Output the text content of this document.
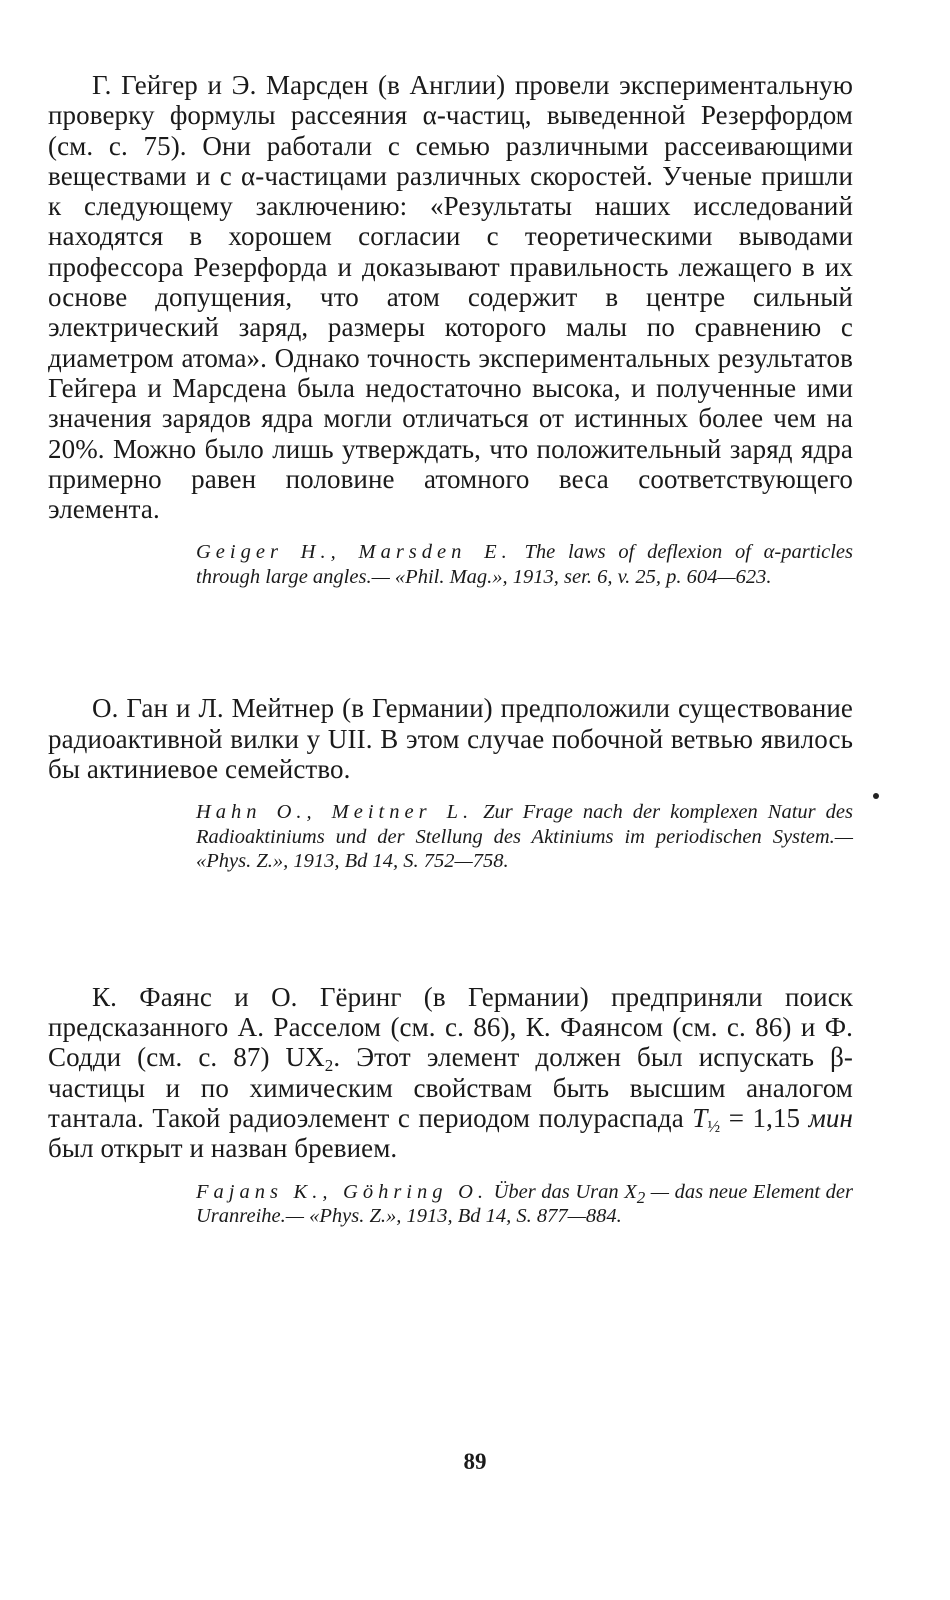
Г. Гейгер и Э. Марсден (в Англии) провели экспериментальную проверку формулы рассеяния α-частиц, выведенной Резерфордом (см. с. 75). Они работали с семью различными рассеивающими веществами и с α-частицами различных скоростей. Ученые пришли к следующему заключению: «Результаты наших исследований находятся в хорошем согласии с теоретическими выводами профессора Резерфорда и доказывают правильность лежащего в их основе допущения, что атом содержит в центре сильный электрический заряд, размеры которого малы по сравнению с диаметром атома». Однако точность экспериментальных результатов Гейгера и Марсдена была недостаточно высока, и полученные ими значения зарядов ядра могли отличаться от истинных более чем на 20%. Можно было лишь утверждать, что положительный заряд ядра примерно равен половине атомного веса соответствующего элемента.

Geiger H., Marsden E. The laws of deflexion of α-particles through large angles.— «Phil. Mag.», 1913, ser. 6, v. 25, p. 604—623.

О. Ган и Л. Мейтнер (в Германии) предположили существование радиоактивной вилки у UII. В этом случае побочной ветвью явилось бы актиниевое семейство.

Hahn O., Meitner L. Zur Frage nach der komplexen Natur des Radioaktiniums und der Stellung des Aktiniums im periodischen System.— «Phys. Z.», 1913, Bd 14, S. 752—758.

К. Фаянс и О. Гёринг (в Германии) предприняли поиск предсказанного А. Расселом (см. с. 86), К. Фаянсом (см. с. 86) и Ф. Содди (см. с. 87) $UX_2$. Этот элемент должен был испускать β-частицы и по химическим свойствам быть высшим аналогом тантала. Такой радиоэлемент с периодом полураспада $T_{\frac{1}{2}} = 1,15$ мин был открыт и назван бревием.

Fajans K., Göhring O. Über das Uran $X_2$ — das neue Element der Uranreihe.— «Phys. Z.», 1913, Bd 14, S. 877—884.

89
